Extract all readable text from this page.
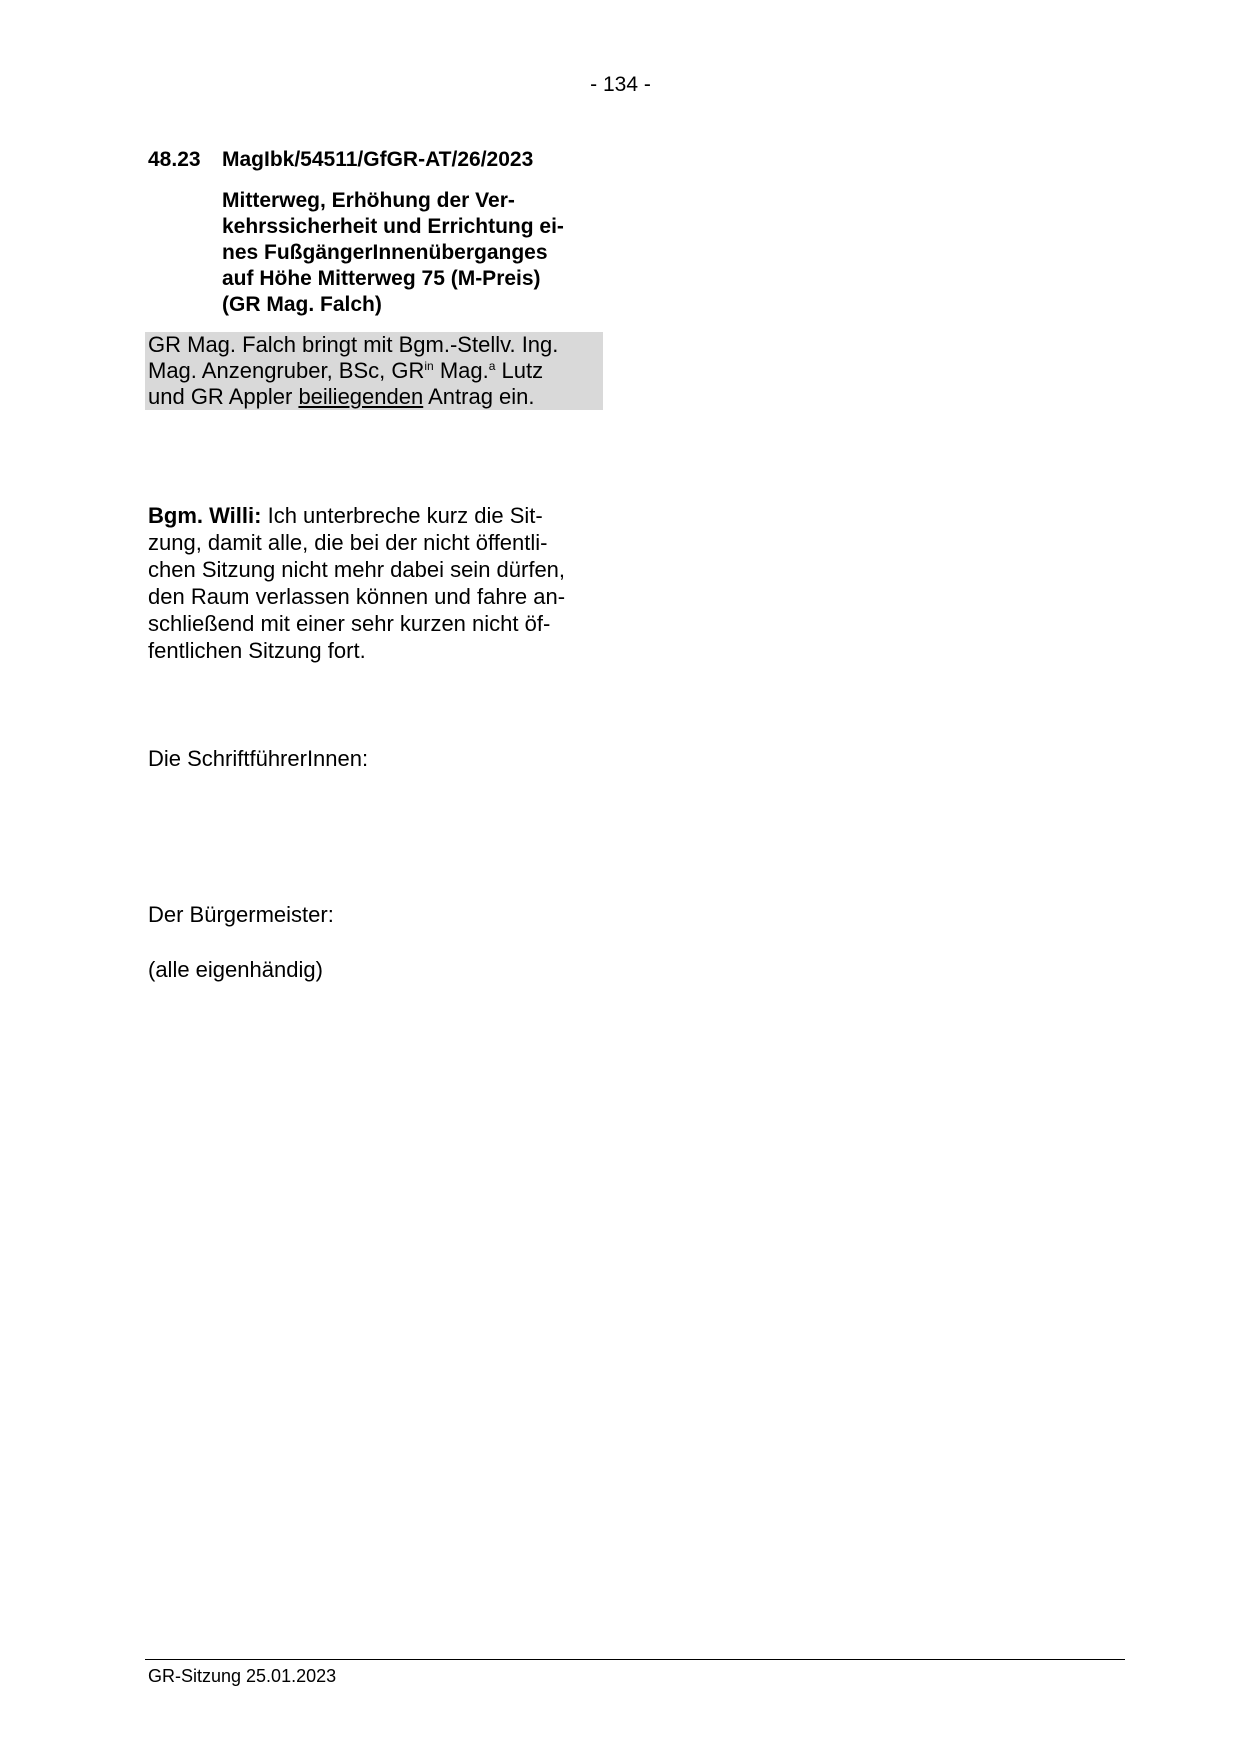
- 134 -
48.23 MagIbk/54511/GfGR-AT/26/2023
Mitterweg, Erhöhung der Ver-
kehrssicherheit und Errichtung ei-
nes FußgängerInnenüberganges
auf Höhe Mitterweg 75 (M-Preis)
(GR Mag. Falch)
GR Mag. Falch bringt mit Bgm.-Stellv. Ing.
Mag. Anzengruber, BSc, $GR^{in}$ Mag.$^a$ Lutz
und GR Appler beiliegenden Antrag ein.
Bgm. Willi: Ich unterbreche kurz die Sit-
zung, damit alle, die bei der nicht öffentli-
chen Sitzung nicht mehr dabei sein dürfen,
den Raum verlassen können und fahre an-
schließend mit einer sehr kurzen nicht öf-
fentlichen Sitzung fort.
Die SchriftführerInnen:
Der Bürgermeister:
(alle eigenhändig)
GR-Sitzung 25.01.2023
